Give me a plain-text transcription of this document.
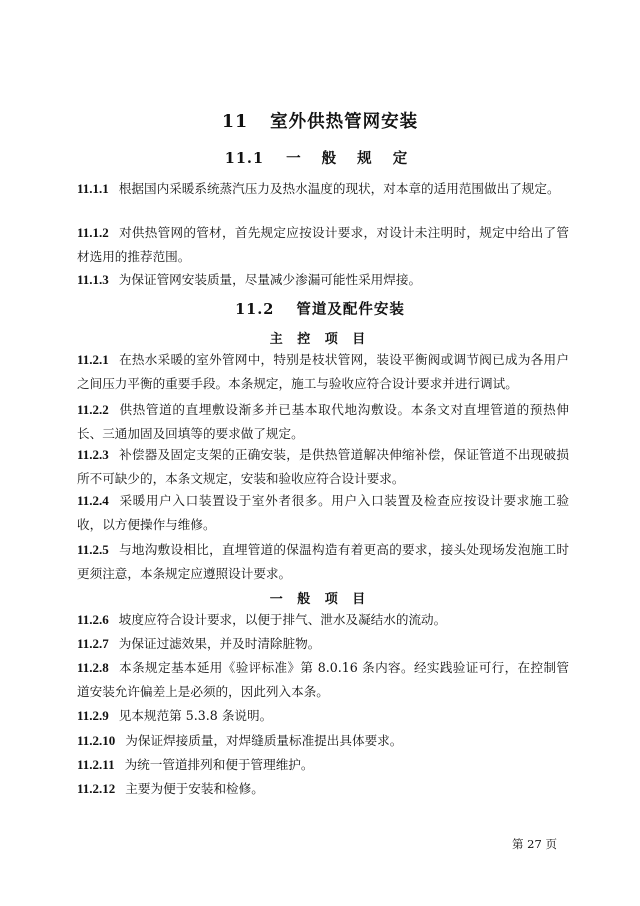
11 室外供热管网安装
11.1 一 般 规 定
11.1.1 根据国内采暖系统蒸汽压力及热水温度的现状，对本章的适用范围做出了规定。
11.1.2 对供热管网的管材，首先规定应按设计要求，对设计未注明时，规定中给出了管材选用的推荐范围。
11.1.3 为保证管网安装质量，尽量减少渗漏可能性采用焊接。
11.2 管道及配件安装
主 控 项 目
11.2.1 在热水采暖的室外管网中，特别是枝状管网，装设平衡阀或调节阀已成为各用户之间压力平衡的重要手段。本条规定，施工与验收应符合设计要求并进行调试。
11.2.2 供热管道的直埋敷设渐多并已基本取代地沟敷设。本条文对直埋管道的预热伸长、三通加固及回填等的要求做了规定。
11.2.3 补偿器及固定支架的正确安装，是供热管道解决伸缩补偿，保证管道不出现破损所不可缺少的，本条文规定，安装和验收应符合设计要求。
11.2.4 采暖用户入口装置设于室外者很多。用户入口装置及检查应按设计要求施工验收，以方便操作与维修。
11.2.5 与地沟敷设相比，直埋管道的保温构造有着更高的要求，接头处现场发泡施工时更须注意，本条规定应遵照设计要求。
一 般 项 目
11.2.6 坡度应符合设计要求，以便于排气、泄水及凝结水的流动。
11.2.7 为保证过滤效果，并及时清除脏物。
11.2.8 本条规定基本延用《验评标准》第 8.0.16 条内容。经实践验证可行，在控制管道安装允许偏差上是必须的，因此列入本条。
11.2.9 见本规范第 5.3.8 条说明。
11.2.10 为保证焊接质量，对焊缝质量标准提出具体要求。
11.2.11 为统一管道排列和便于管理维护。
11.2.12 主要为便于安装和检修。
第 27 页
